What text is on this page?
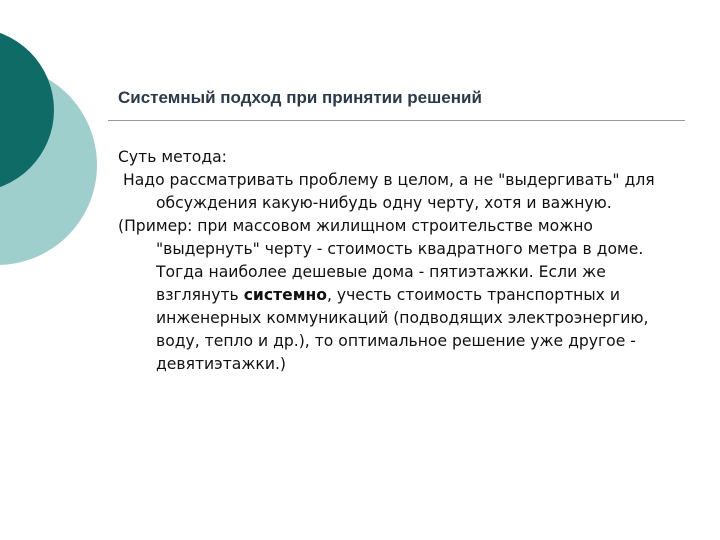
Системный подход при принятии решений

Суть метода:

Надо рассматривать проблему в целом, а не "выдергивать" для обсуждения какую-нибудь одну черту, хотя и важную.

(Пример: при массовом жилищном строительстве можно "выдернуть" черту - стоимость квадратного метра в доме. Тогда наиболее дешевые дома - пятиэтажки. Если же взглянуть системно, учесть стоимость транспортных и инженерных коммуникаций (подводящих электроэнергию, воду, тепло и др.), то оптимальное решение уже другое - девятиэтажки.)
